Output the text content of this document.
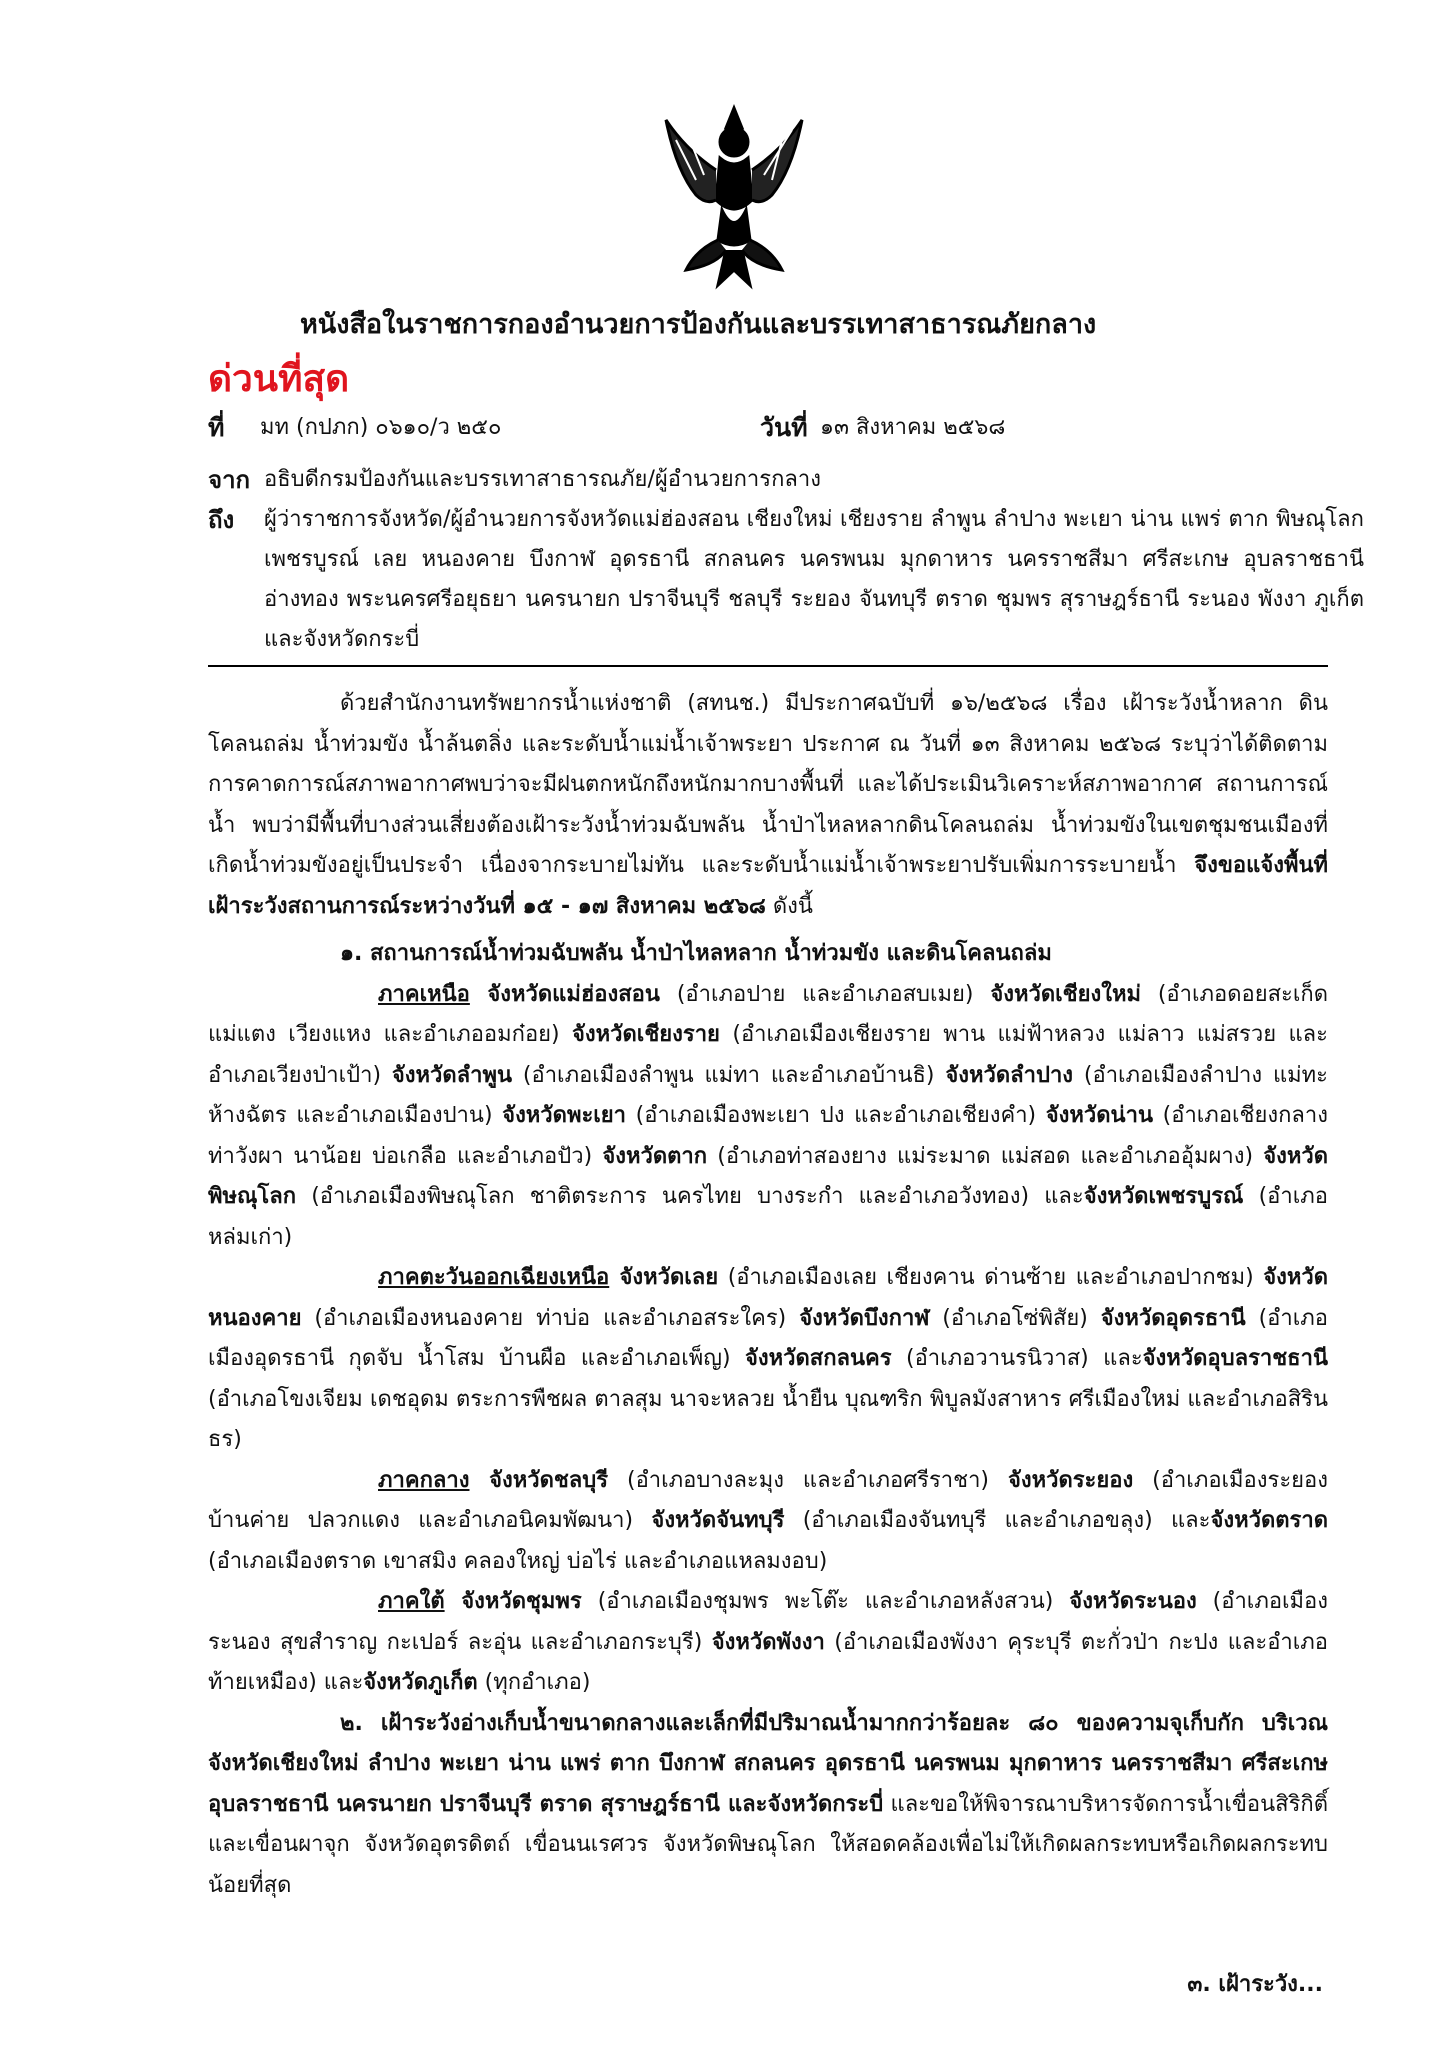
หนังสือในราชการกองอำนวยการป้องกันและบรรเทาสาธารณภัยกลาง
ด่วนที่สุด
ที่ มท (กปภก) ๐๖๑๐/ว ๒๕๐	วันที่ ๑๓ สิงหาคม ๒๕๖๘
จาก อธิบดีกรมป้องกันและบรรเทาสาธารณภัย/ผู้อำนวยการกลาง
ถึง ผู้ว่าราชการจังหวัด/ผู้อำนวยการจังหวัดแม่ฮ่องสอน เชียงใหม่ เชียงราย ลำพูน ลำปาง พะเยา น่าน แพร่ ตาก พิษณุโลก เพชรบูรณ์ เลย หนองคาย บึงกาฬ อุดรธานี สกลนคร นครพนม มุกดาหาร นครราชสีมา ศรีสะเกษ อุบลราชธานี อ่างทอง พระนครศรีอยุธยา นครนายก ปราจีนบุรี ชลบุรี ระยอง จันทบุรี ตราด ชุมพร สุราษฎร์ธานี ระนอง พังงา ภูเก็ต และจังหวัดกระบี่

ด้วยสำนักงานทรัพยากรน้ำแห่งชาติ (สทนช.) มีประกาศฉบับที่ ๑๖/๒๕๖๘ เรื่อง เฝ้าระวังน้ำหลาก ดินโคลนถล่ม น้ำท่วมขัง น้ำล้นตลิ่ง และระดับน้ำแม่น้ำเจ้าพระยา ประกาศ ณ วันที่ ๑๓ สิงหาคม ๒๕๖๘ ระบุว่าได้ติดตามการคาดการณ์สภาพอากาศพบว่าจะมีฝนตกหนักถึงหนักมากบางพื้นที่ และได้ประเมินวิเคราะห์สภาพอากาศ สถานการณ์น้ำ พบว่ามีพื้นที่บางส่วนเสี่ยงต้องเฝ้าระวังน้ำท่วมฉับพลัน น้ำป่าไหลหลากดินโคลนถล่ม น้ำท่วมขังในเขตชุมชนเมืองที่เกิดน้ำท่วมขังอยู่เป็นประจำ เนื่องจากระบายไม่ทัน และระดับน้ำแม่น้ำเจ้าพระยาปรับเพิ่มการระบายน้ำ จึงขอแจ้งพื้นที่เฝ้าระวังสถานการณ์ระหว่างวันที่ ๑๕ - ๑๗ สิงหาคม ๒๕๖๘ ดังนี้

๑. สถานการณ์น้ำท่วมฉับพลัน น้ำป่าไหลหลาก น้ำท่วมขัง และดินโคลนถล่ม

ภาคเหนือ จังหวัดแม่ฮ่องสอน (อำเภอปาย และอำเภอสบเมย) จังหวัดเชียงใหม่ (อำเภอดอยสะเก็ด แม่แตง เวียงแหง และอำเภออมก๋อย) จังหวัดเชียงราย (อำเภอเมืองเชียงราย พาน แม่ฟ้าหลวง แม่ลาว แม่สรวย และอำเภอเวียงป่าเป้า) จังหวัดลำพูน (อำเภอเมืองลำพูน แม่ทา และอำเภอบ้านธิ) จังหวัดลำปาง (อำเภอเมืองลำปาง แม่ทะ ห้างฉัตร และอำเภอเมืองปาน) จังหวัดพะเยา (อำเภอเมืองพะเยา ปง และอำเภอเชียงคำ) จังหวัดน่าน (อำเภอเชียงกลาง ท่าวังผา นาน้อย บ่อเกลือ และอำเภอปัว) จังหวัดตาก (อำเภอท่าสองยาง แม่ระมาด แม่สอด และอำเภออุ้มผาง) จังหวัดพิษณุโลก (อำเภอเมืองพิษณุโลก ชาติตระการ นครไทย บางระกำ และอำเภอวังทอง) และจังหวัดเพชรบูรณ์ (อำเภอหล่มเก่า)

ภาคตะวันออกเฉียงเหนือ จังหวัดเลย (อำเภอเมืองเลย เชียงคาน ด่านซ้าย และอำเภอปากชม) จังหวัดหนองคาย (อำเภอเมืองหนองคาย ท่าบ่อ และอำเภอสระใคร) จังหวัดบึงกาฬ (อำเภอโซ่พิสัย) จังหวัดอุดรธานี (อำเภอเมืองอุดรธานี กุดจับ น้ำโสม บ้านผือ และอำเภอเพ็ญ) จังหวัดสกลนคร (อำเภอวานรนิวาส) และจังหวัดอุบลราชธานี (อำเภอโขงเจียม เดชอุดม ตระการพืชผล ตาลสุม นาจะหลวย น้ำยืน บุณฑริก พิบูลมังสาหาร ศรีเมืองใหม่ และอำเภอสิรินธร)

ภาคกลาง จังหวัดชลบุรี (อำเภอบางละมุง และอำเภอศรีราชา) จังหวัดระยอง (อำเภอเมืองระยอง บ้านค่าย ปลวกแดง และอำเภอนิคมพัฒนา) จังหวัดจันทบุรี (อำเภอเมืองจันทบุรี และอำเภอขลุง) และจังหวัดตราด (อำเภอเมืองตราด เขาสมิง คลองใหญ่ บ่อไร่ และอำเภอแหลมงอบ)

ภาคใต้ จังหวัดชุมพร (อำเภอเมืองชุมพร พะโต๊ะ และอำเภอหลังสวน) จังหวัดระนอง (อำเภอเมืองระนอง สุขสำราญ กะเปอร์ ละอุ่น และอำเภอกระบุรี) จังหวัดพังงา (อำเภอเมืองพังงา คุระบุรี ตะกั่วป่า กะปง และอำเภอท้ายเหมือง) และจังหวัดภูเก็ต (ทุกอำเภอ)

๒. เฝ้าระวังอ่างเก็บน้ำขนาดกลางและเล็กที่มีปริมาณน้ำมากกว่าร้อยละ ๘๐ ของความจุเก็บกัก บริเวณ จังหวัดเชียงใหม่ ลำปาง พะเยา น่าน แพร่ ตาก บึงกาฬ สกลนคร อุดรธานี นครพนม มุกดาหาร นครราชสีมา ศรีสะเกษ อุบลราชธานี นครนายก ปราจีนบุรี ตราด สุราษฎร์ธานี และจังหวัดกระบี่ และขอให้พิจารณาบริหารจัดการน้ำเขื่อนสิริกิติ์ และเขื่อนผาจุก จังหวัดอุตรดิตถ์ เขื่อนนเรศวร จังหวัดพิษณุโลก ให้สอดคล้องเพื่อไม่ให้เกิดผลกระทบหรือเกิดผลกระทบน้อยที่สุด

๓. เฝ้าระวัง...
